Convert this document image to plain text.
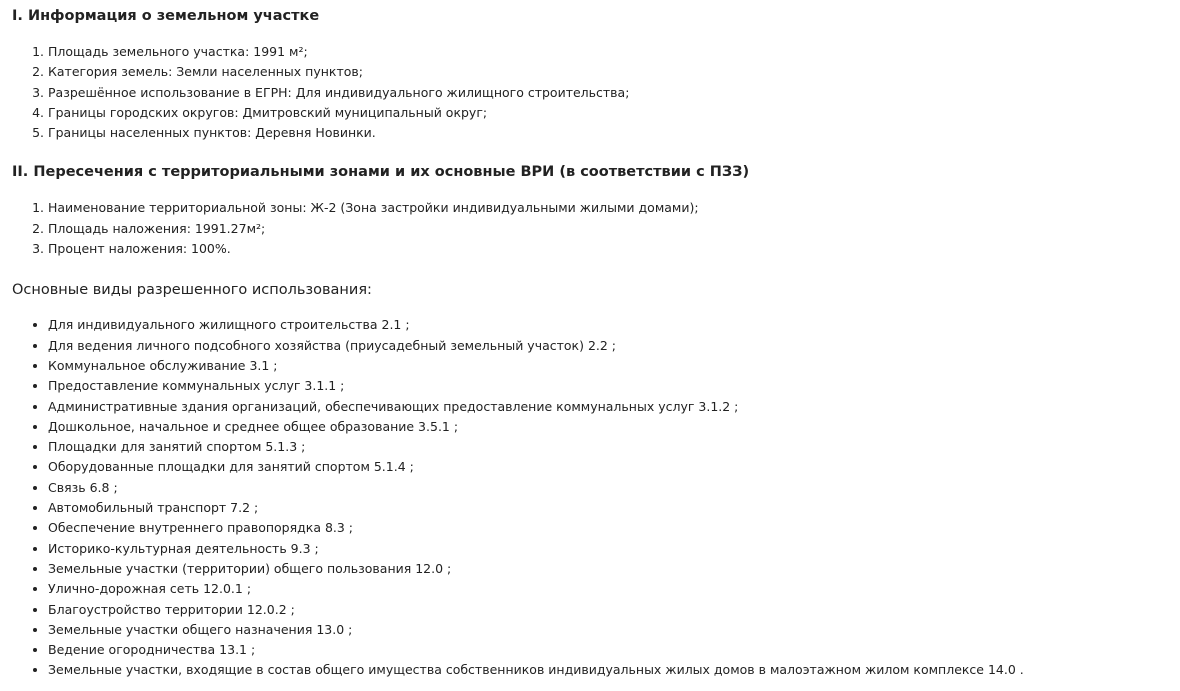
I. Информация о земельном участке
1. Площадь земельного участка: 1991 м²;
2. Категория земель: Земли населенных пунктов;
3. Разрешённое использование в ЕГРН: Для индивидуального жилищного строительства;
4. Границы городских округов: Дмитровский муниципальный округ;
5. Границы населенных пунктов: Деревня Новинки.
II. Пересечения с территориальными зонами и их основные ВРИ (в соответствии с ПЗЗ)
1. Наименование территориальной зоны: Ж-2 (Зона застройки индивидуальными жилыми домами);
2. Площадь наложения: 1991.27м²;
3. Процент наложения: 100%.

Основные виды разрешенного использования:

• Для индивидуального жилищного строительства 2.1 ;
• Для ведения личного подсобного хозяйства (приусадебный земельный участок) 2.2 ;
• Коммунальное обслуживание 3.1 ;
• Предоставление коммунальных услуг 3.1.1 ;
• Административные здания организаций, обеспечивающих предоставление коммунальных услуг 3.1.2 ;
• Дошкольное, начальное и среднее общее образование 3.5.1 ;
• Площадки для занятий спортом 5.1.3 ;
• Оборудованные площадки для занятий спортом 5.1.4 ;
• Связь 6.8 ;
• Автомобильный транспорт 7.2 ;
• Обеспечение внутреннего правопорядка 8.3 ;
• Историко-культурная деятельность 9.3 ;
• Земельные участки (территории) общего пользования 12.0 ;
• Улично-дорожная сеть 12.0.1 ;
• Благоустройство территории 12.0.2 ;
• Земельные участки общего назначения 13.0 ;
• Ведение огородничества 13.1 ;
• Земельные участки, входящие в состав общего имущества собственников индивидуальных жилых домов в малоэтажном жилом комплексе 14.0 .
